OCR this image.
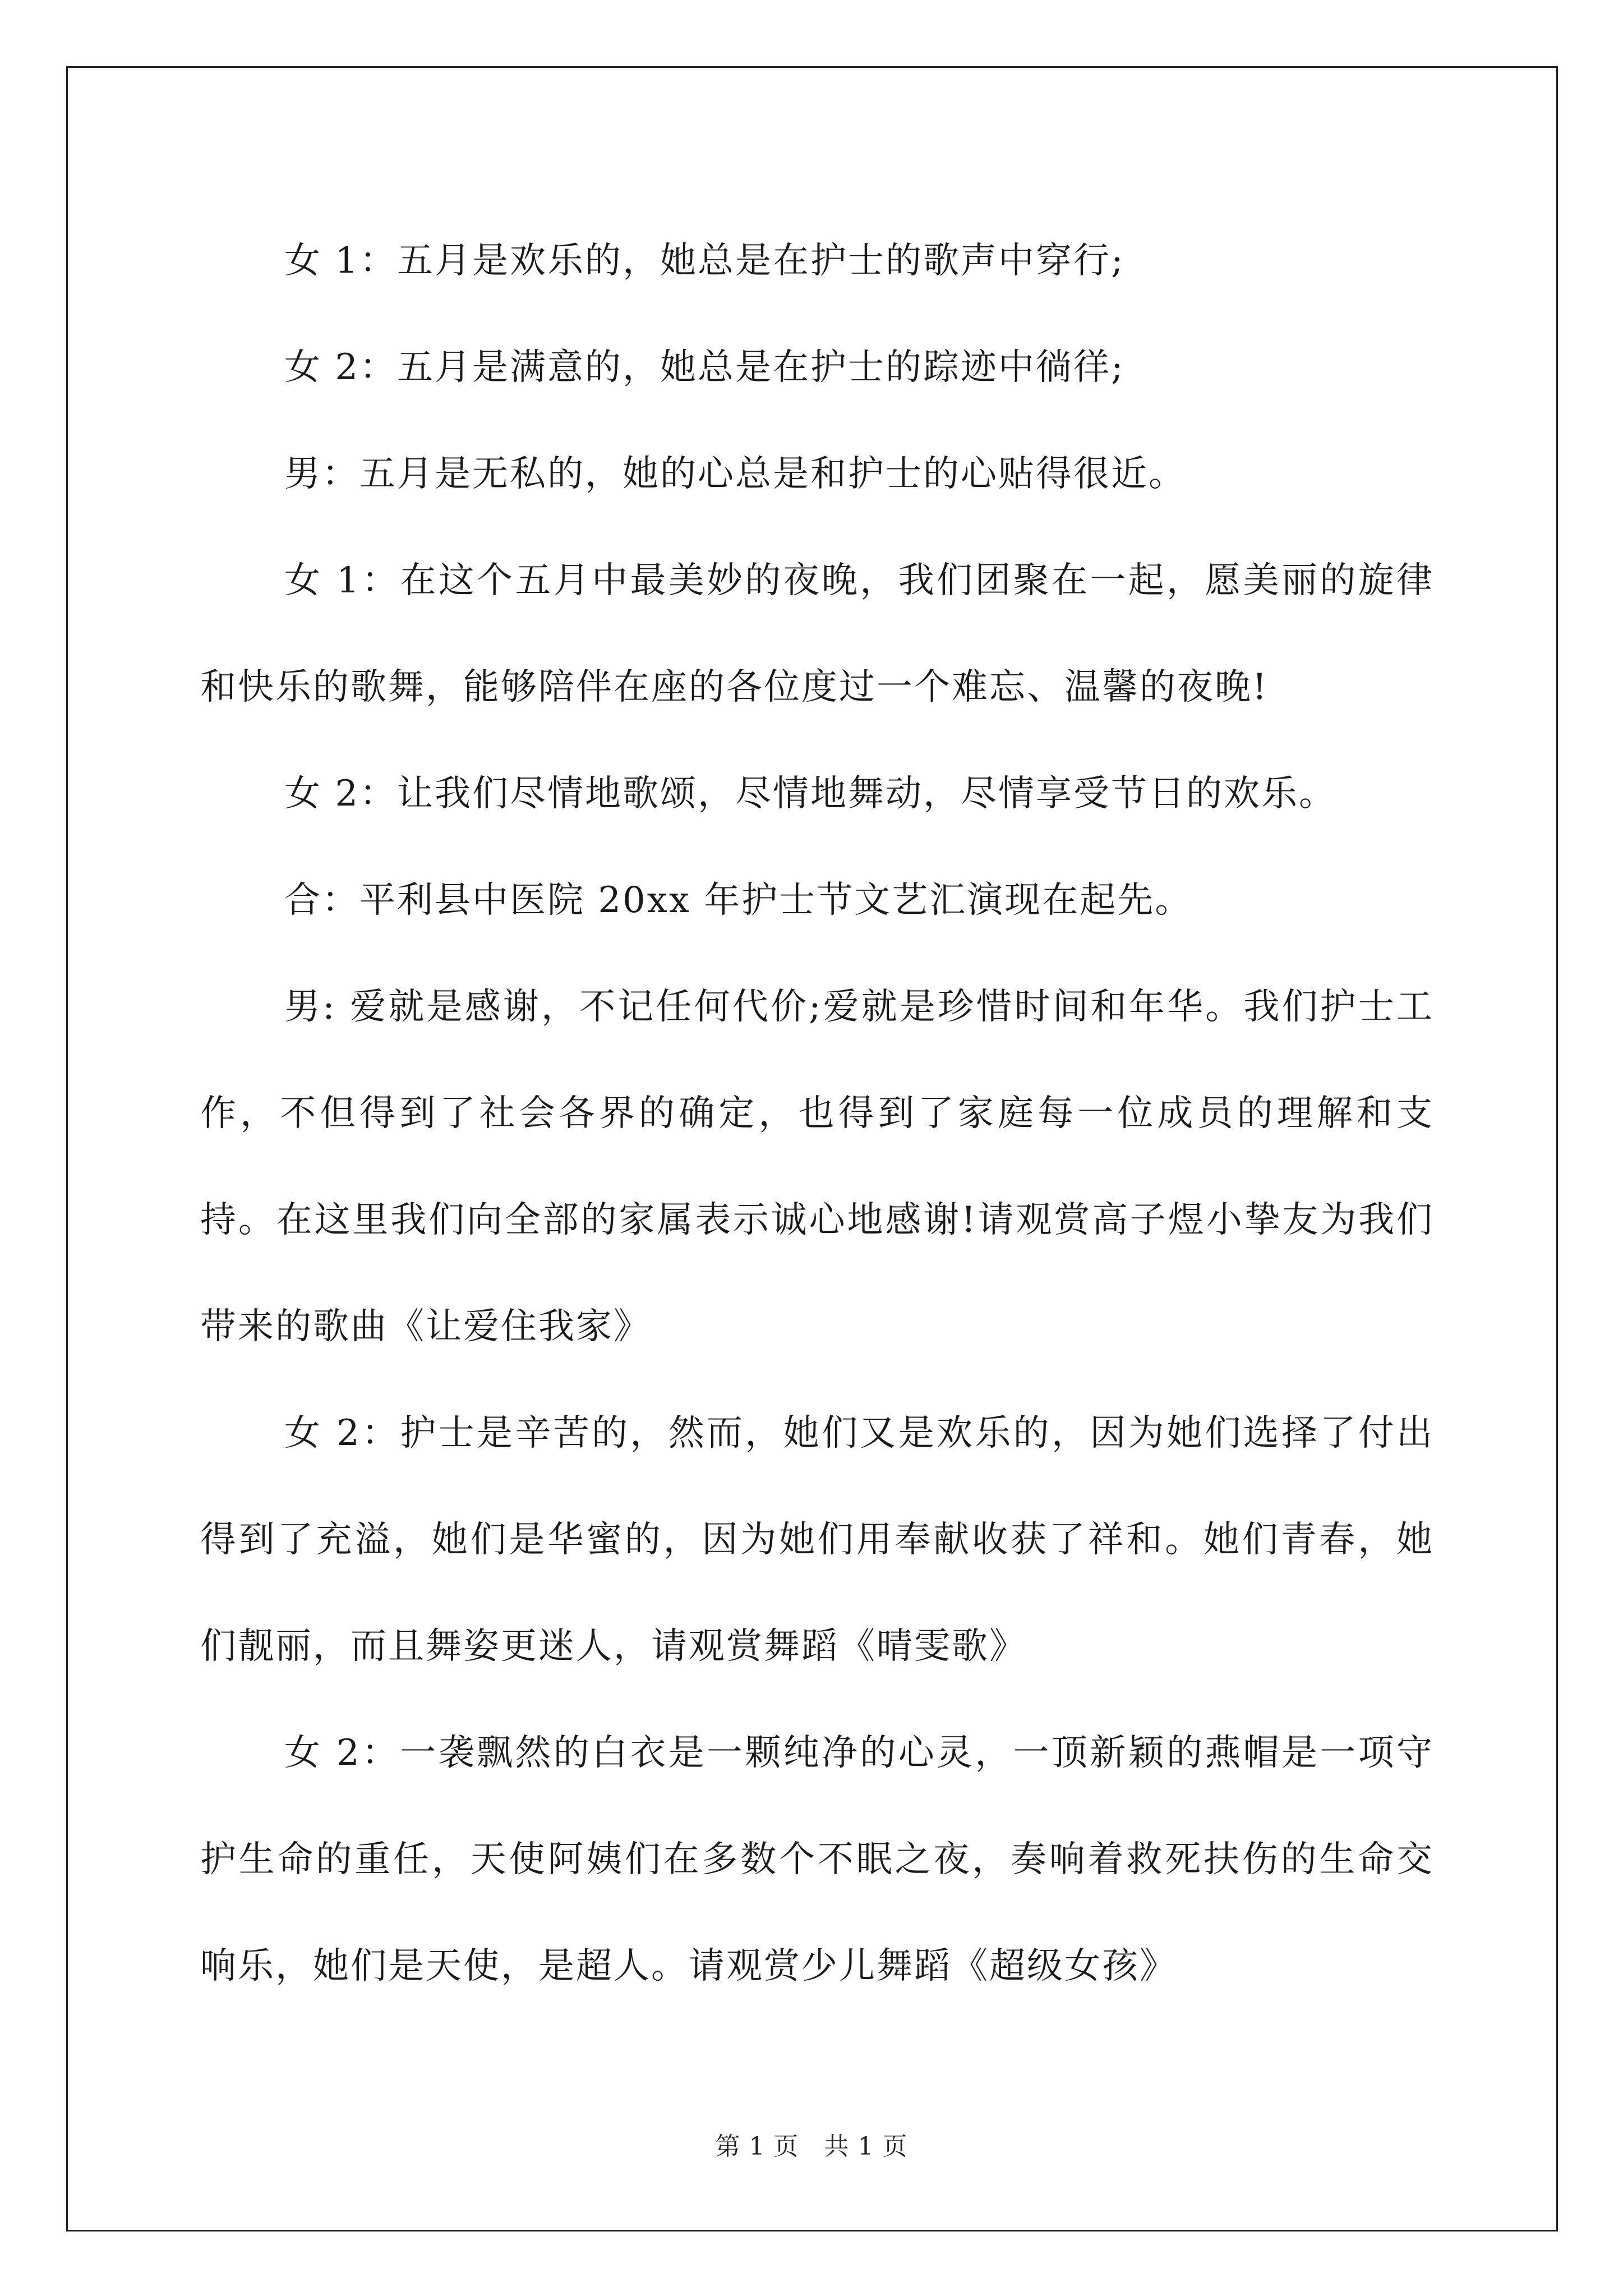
女 1：五月是欢乐的，她总是在护士的歌声中穿行;

女 2：五月是满意的，她总是在护士的踪迹中徜徉;

男：五月是无私的，她的心总是和护士的心贴得很近。

女 1：在这个五月中最美妙的夜晚，我们团聚在一起，愿美丽的旋律和快乐的歌舞，能够陪伴在座的各位度过一个难忘、温馨的夜晚!

女 2：让我们尽情地歌颂，尽情地舞动，尽情享受节日的欢乐。

合：平利县中医院 20xx 年护士节文艺汇演现在起先。

男: 爱就是感谢，不记任何代价;爱就是珍惜时间和年华。我们护士工作，不但得到了社会各界的确定，也得到了家庭每一位成员的理解和支持。在这里我们向全部的家属表示诚心地感谢!请观赏高子煜小挚友为我们带来的歌曲《让爱住我家》

女 2：护士是辛苦的，然而，她们又是欢乐的，因为她们选择了付出得到了充溢，她们是华蜜的，因为她们用奉献收获了祥和。她们青春，她们靓丽，而且舞姿更迷人，请观赏舞蹈《晴雯歌》

女 2：一袭飘然的白衣是一颗纯净的心灵，一顶新颖的燕帽是一项守护生命的重任，天使阿姨们在多数个不眠之夜，奏响着救死扶伤的生命交响乐，她们是天使，是超人。请观赏少儿舞蹈《超级女孩》

第 1 页　共 1 页
